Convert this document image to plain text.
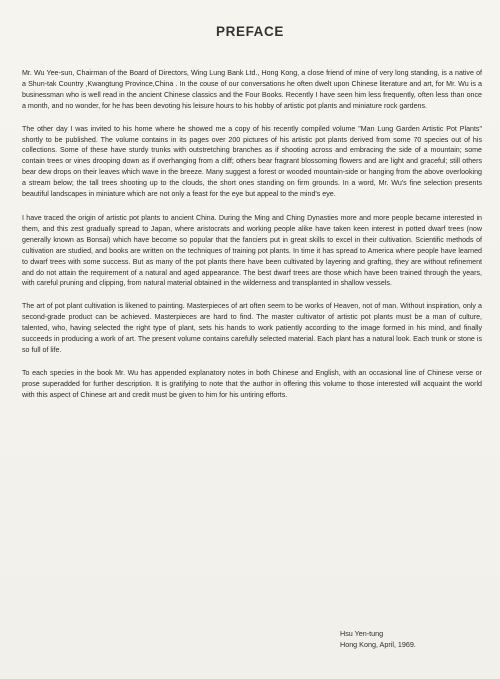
PREFACE

Mr. Wu Yee-sun, Chairman of the Board of Directors, Wing Lung Bank Ltd., Hong Kong, a close friend of mine of very long standing, is a native of a Shun-tak Country ,Kwangtung Province,China . In the couse of our conversations he often dwelt upon Chinese literature and art, for Mr. Wu is a businessman who is well read in the ancient Chinese classics and the Four Books. Recently I have seen him less frequently, often less than once a month, and no wonder, for he has been devoting his leisure hours to his hobby of artistic pot plants and miniature rock gardens.

The other day I was invited to his home where he showed me a copy of his recently compiled volume "Man Lung Garden Artistic Pot Plants" shortly to be published. The volume contains in its pages over 200 pictures of his artistic pot plants derived from some 70 species out of his collections. Some of these have sturdy trunks with outstretching branches as if shooting across and embracing the side of a mountain; some contain trees or vines drooping down as if overhanging from a cliff; others bear fragrant blossoming flowers and are light and graceful; still others bear dew drops on their leaves which wave in the breeze. Many suggest a forest or wooded mountain-side or hanging from the above overlooking a stream below; the tall trees shooting up to the clouds, the short ones standing on firm grounds. In a word, Mr. Wu's fine selection presents beautiful landscapes in miniature which are not only a feast for the eye but appeal to the mind's eye.

I have traced the origin of artistic pot plants to ancient China. During the Ming and Ching Dynasties more and more people became interested in them, and this zest gradually spread to Japan, where aristocrats and working people alike have taken keen interest in potted dwarf trees (now generally known as Bonsai) which have become so popular that the fanciers put in great skills to excel in their cultivation. Scientific methods of cultivation are studied, and books are written on the techniques of training pot plants. In time it has spread to America where people have learned to dwarf trees with some success. But as many of the pot plants there have been cultivated by layering and grafting, they are without refinement and do not attain the requirement of a natural and aged appearance. The best dwarf trees are those which have been trained through the years, with careful pruning and clipping, from natural material obtained in the wilderness and transplanted in shallow vessels.

The art of pot plant cultivation is likened to painting. Masterpieces of art often seem to be works of Heaven, not of man. Without inspiration, only a second-grade product can be achieved. Masterpieces are hard to find. The master cultivator of artistic pot plants must be a man of culture, talented, who, having selected the right type of plant, sets his hands to work patiently according to the image formed in his mind, and finally succeeds in producing a work of art. The present volume contains carefully selected material. Each plant has a natural look. Each trunk or stone is so full of life.

To each species in the book Mr. Wu has appended explanatory notes in both Chinese and English, with an occasional line of Chinese verse or prose superadded for further description. It is gratifying to note that the author in offering this volume to those interested will acquaint the world with this aspect of Chinese art and credit must be given to him for his untiring efforts.

Hsu Yen-tung
Hong Kong, April, 1969.
